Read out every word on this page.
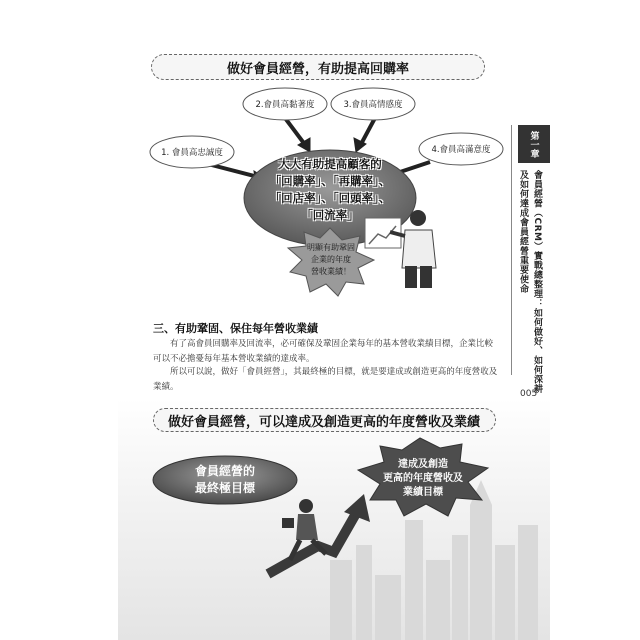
做好會員經營，有助提高回購率
1. 會員高忠誠度
2.會員高黏著度	3.會員高情感度
4.會員高滿意度
大大有助提高顧客的
「回購率」、「再購率」、
「回店率」、「回頭率」、
「回流率」
明顯有助鞏固
企業的年度
營收業績！
三、有助鞏固、保住每年營收業績

有了高會員回購率及回流率，必可確保及鞏固企業每年的基本營收業績目標，企業比較可以不必擔憂每年基本營收業績的達成率。

所以可以說，做好「會員經營」，其最終極的目標，就是要達成或創造更高的年度營收及業績。

做好會員經營，可以達成及創造更高的年度營收及業績
會員經營的
最終極目標
達成及創造
更高的年度營收及
業績目標
第一章
會員經營（CRM）實戰總整理：如何做好、如何深耕
及如何達成會員經營重要使命
005
